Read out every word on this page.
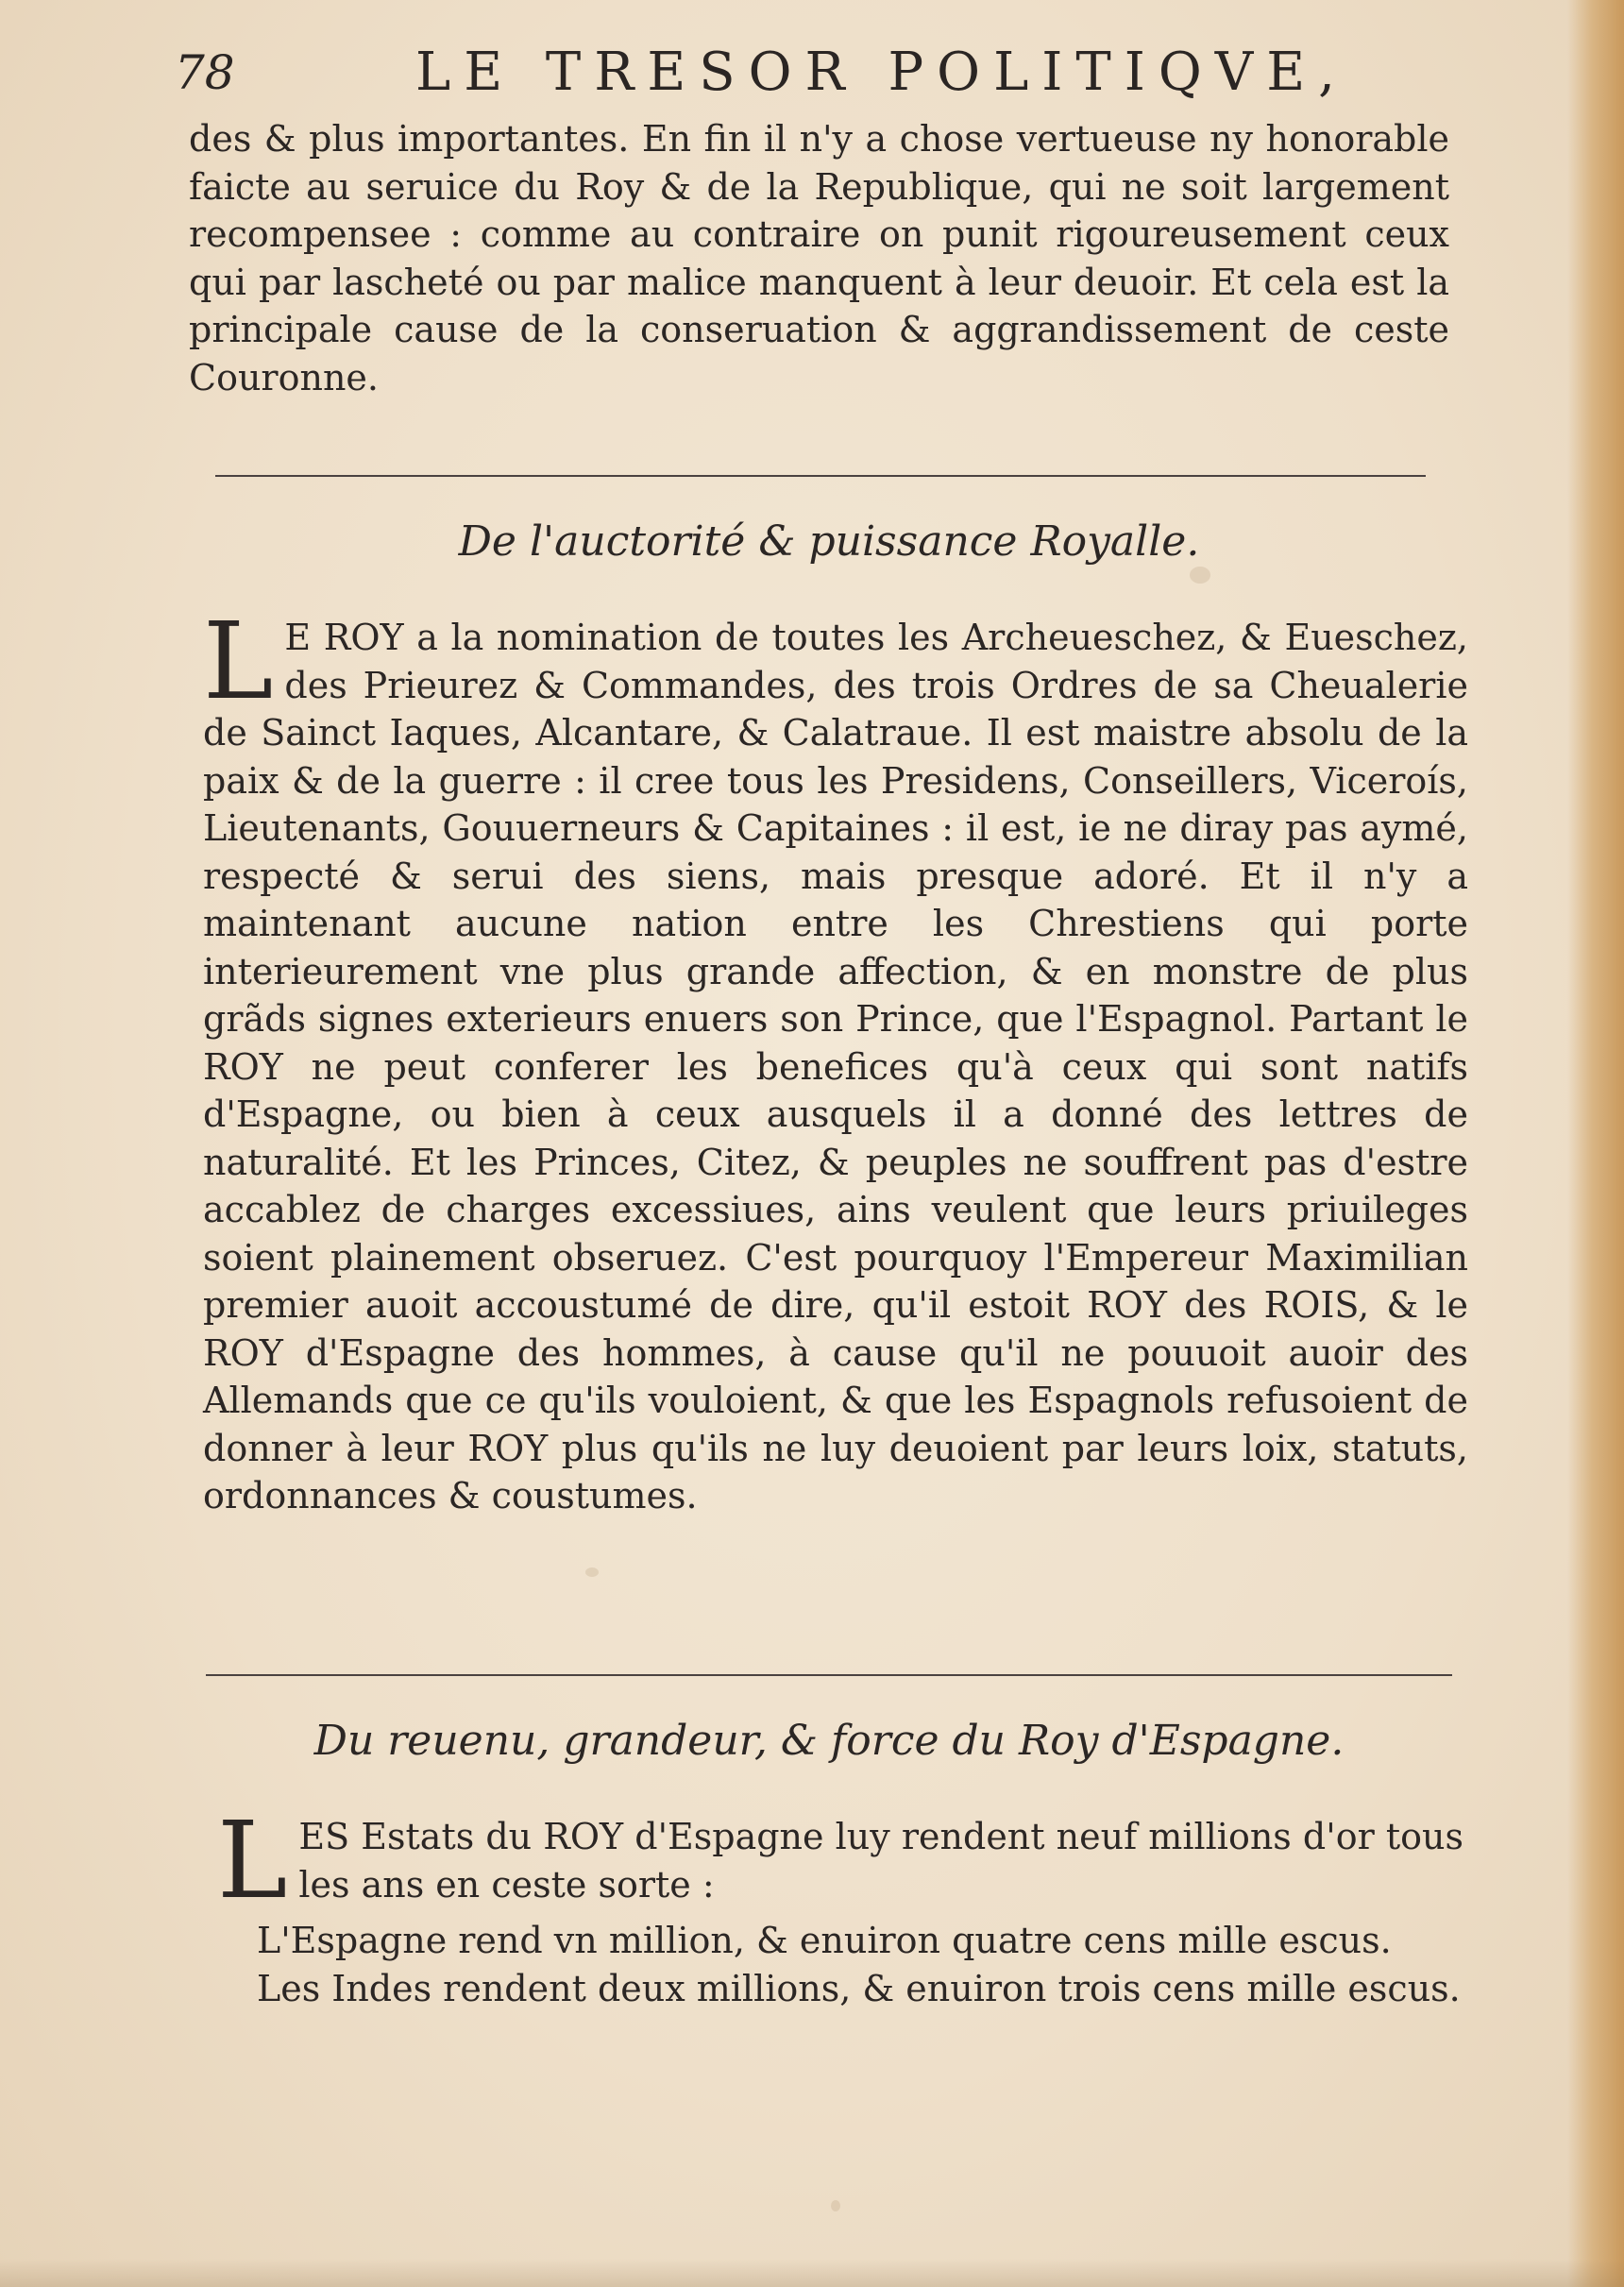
78	LE TRESOR POLITIQVE,
des & plus importantes. En fin il n'y a chose vertueuse ny honorable faicte au seruice du Roy & de la Republique, qui ne soit largement recompensee : comme au contraire on punit rigoureusement ceux qui par lascheté ou par malice manquent à leur deuoir. Et cela est la principale cause de la conseruation & aggrandissement de ceste Couronne.
De l'auctorité & puissance Royalle.
L E ROY a la nomination de toutes les Archeueschez, & Eueschez, des Prieurez & Commandes, des trois Ordres de sa Cheualerie de Sainct Iaques, Alcantare, & Calatraue. Il est maistre absolu de la paix & de la guerre : il cree tous les Presidens, Conseillers, Viceroís, Lieutenants, Gouuerneurs & Capitaines : il est, ie ne diray pas aymé, respecté & serui des siens, mais presque adoré. Et il n'y a maintenant aucune nation entre les Chrestiens qui porte interieurement vne plus grande affection, & en monstre de plus grãds signes exterieurs enuers son Prince, que l'Espagnol. Partant le ROY ne peut conferer les benefices qu'à ceux qui sont natifs d'Espagne, ou bien à ceux ausquels il a donné des lettres de naturalité. Et les Princes, Citez, & peuples ne souffrent pas d'estre accablez de charges excessiues, ains veulent que leurs priuileges soient plainement obseruez. C'est pourquoy l'Empereur Maximilian premier auoit accoustumé de dire, qu'il estoit ROY des ROIS, & le ROY d'Espagne des hommes, à cause qu'il ne pouuoit auoir des Allemands que ce qu'ils vouloient, & que les Espagnols refusoient de donner à leur ROY plus qu'ils ne luy deuoient par leurs loix, statuts, ordonnances & coustumes.
Du reuenu, grandeur, & force du Roy d'Espagne.
L ES Estats du ROY d'Espagne luy rendent neuf millions d'or tous les ans en ceste sorte :
L'Espagne rend vn million, & enuiron quatre cens mille escus.
Les Indes rendent deux millions, & enuiron trois cens mille escus.
